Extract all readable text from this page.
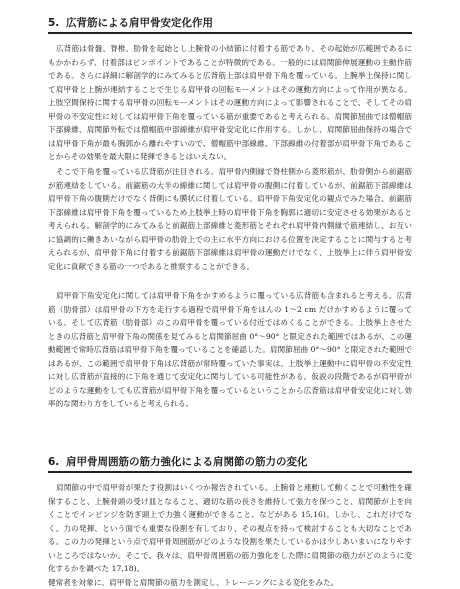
5. 広背筋による肩甲骨安定化作用

広背筋は骨盤、脊椎、肋骨を起始とし上腕骨の小結節に付着する筋であり、その起始が広範囲であるにもかかわらず、付着部はピンポイントであることが特徴的である。一般的には肩関節伸展運動の主動作筋である。さらに詳細に解剖学的にみてみると広背筋上部は肩甲骨下角を覆っている。上腕挙上保持に関して肩甲骨と上腕が連結することで生じる肩甲骨の回転モーメントはその運動方向によって作用が異なる。上肢空間保持に関する肩甲骨の回転モーメントはその運動方向によって影響されることで、そしてその肩甲骨の不安定性に対しては肩甲骨下角を覆っている筋が重要であると考えられる。肩関節屈曲では僧帽筋下部線維、肩関節外転では僧帽筋中部線維が肩甲骨安定化に作用する。しかし、肩関節屈曲保持の場合では肩甲骨下角が最も胸郭から離れやすいので、僧帽筋中部線維、下部線維の付着部が肩甲骨下角であることからその効果を最大限に発揮できるとはいえない。

そこで下角を覆っている広背筋が注目される。肩甲骨内側縁で脊柱側から菱形筋が、肋骨側から前鋸筋が筋連結をしている。前鋸筋の大半の線維に関しては肩甲骨の腹側に付着しているが、前鋸筋下部線維は肩甲骨下角の腹側だけでなく背側にも膜状に付着している。肩甲骨下角安定化の観点でみた場合、前鋸筋下部線維は肩甲骨下角を覆っているため上肢挙上時の肩甲骨下角を胸郭に適切に安定させる効果があると考えられる。解剖学的にみてみると前鋸筋上部線維と菱形筋とそれぞれ肩甲骨内側縁で筋連結し、お互いに協調的に働きあいながら肩甲骨の肋骨上での主に水平方向における位置を決定することに関与すると考えられるが、肩甲骨下角に付着する前鋸筋下部線維は肩甲骨の運動だけでなく、上肢挙上に伴う肩甲骨安定化に貢献できる筋の一つであると推察することができる。

肩甲骨下角安定化に関しては肩甲骨下角をかすめるように覆っている広背筋も含まれると考える。広背筋（肋骨部）は肩甲骨の下方を走行する過程で肩甲骨下角をはんの 1～2 cm だけかすめるように覆っている。そして広背筋（肋骨部）のこの肩甲骨を覆っている付近ではめくることができる。上肢挙上させたときの広背筋と肩甲骨下角の関係を見てみると肩関節屈曲 0°～90° と限定された範囲ではあるが、この運動範囲で常時広背筋は肩甲骨下角を覆っていることを確認した。肩関節屈曲 0°～90° と限定された範囲ではあるが、この範囲で肩甲骨下角は広背筋が常時覆っていた事実は、上肢挙上運動中に肩甲骨の不安定性に対し広背筋が直接的に下角を通じて安定化に関与している可能性がある。仮説の段階であるが肩甲骨がどのような運動をしても広背筋が肩甲骨下角を覆っているということから広背筋は肩甲骨安定化に対し効率的な関わり方をしていると考えられる。

6. 肩甲骨周囲筋の筋力強化による肩関節の筋力の変化

肩関節の中で肩甲骨が果たす役割はいくつか報告されている。上腕骨と連動して動くことで可動性を確保すること、上腕骨頭の受け皿となること、適切な筋の長さを維持して張力を保つこと、肩関節が上を向くことでインピンジを防ぎ頭上で力強く運動ができること、などがある 15,16)。しかし、これだけでなく、力の発揮、という面でも重要な役割を有しており、その視点を持って検討することも大切なことである。この力の発揮という点で肩甲骨周囲筋がどのような役割を果たしているかは少しあいまいになりやすいところではないか。そこで、我々は、肩甲骨周囲筋の筋力強化をした際に肩関節の筋力がどのように変化するかを調べた 17,18)。
健常者を対象に、肩甲骨と肩関節の筋力を測定し、トレーニングによる変化をみた。
